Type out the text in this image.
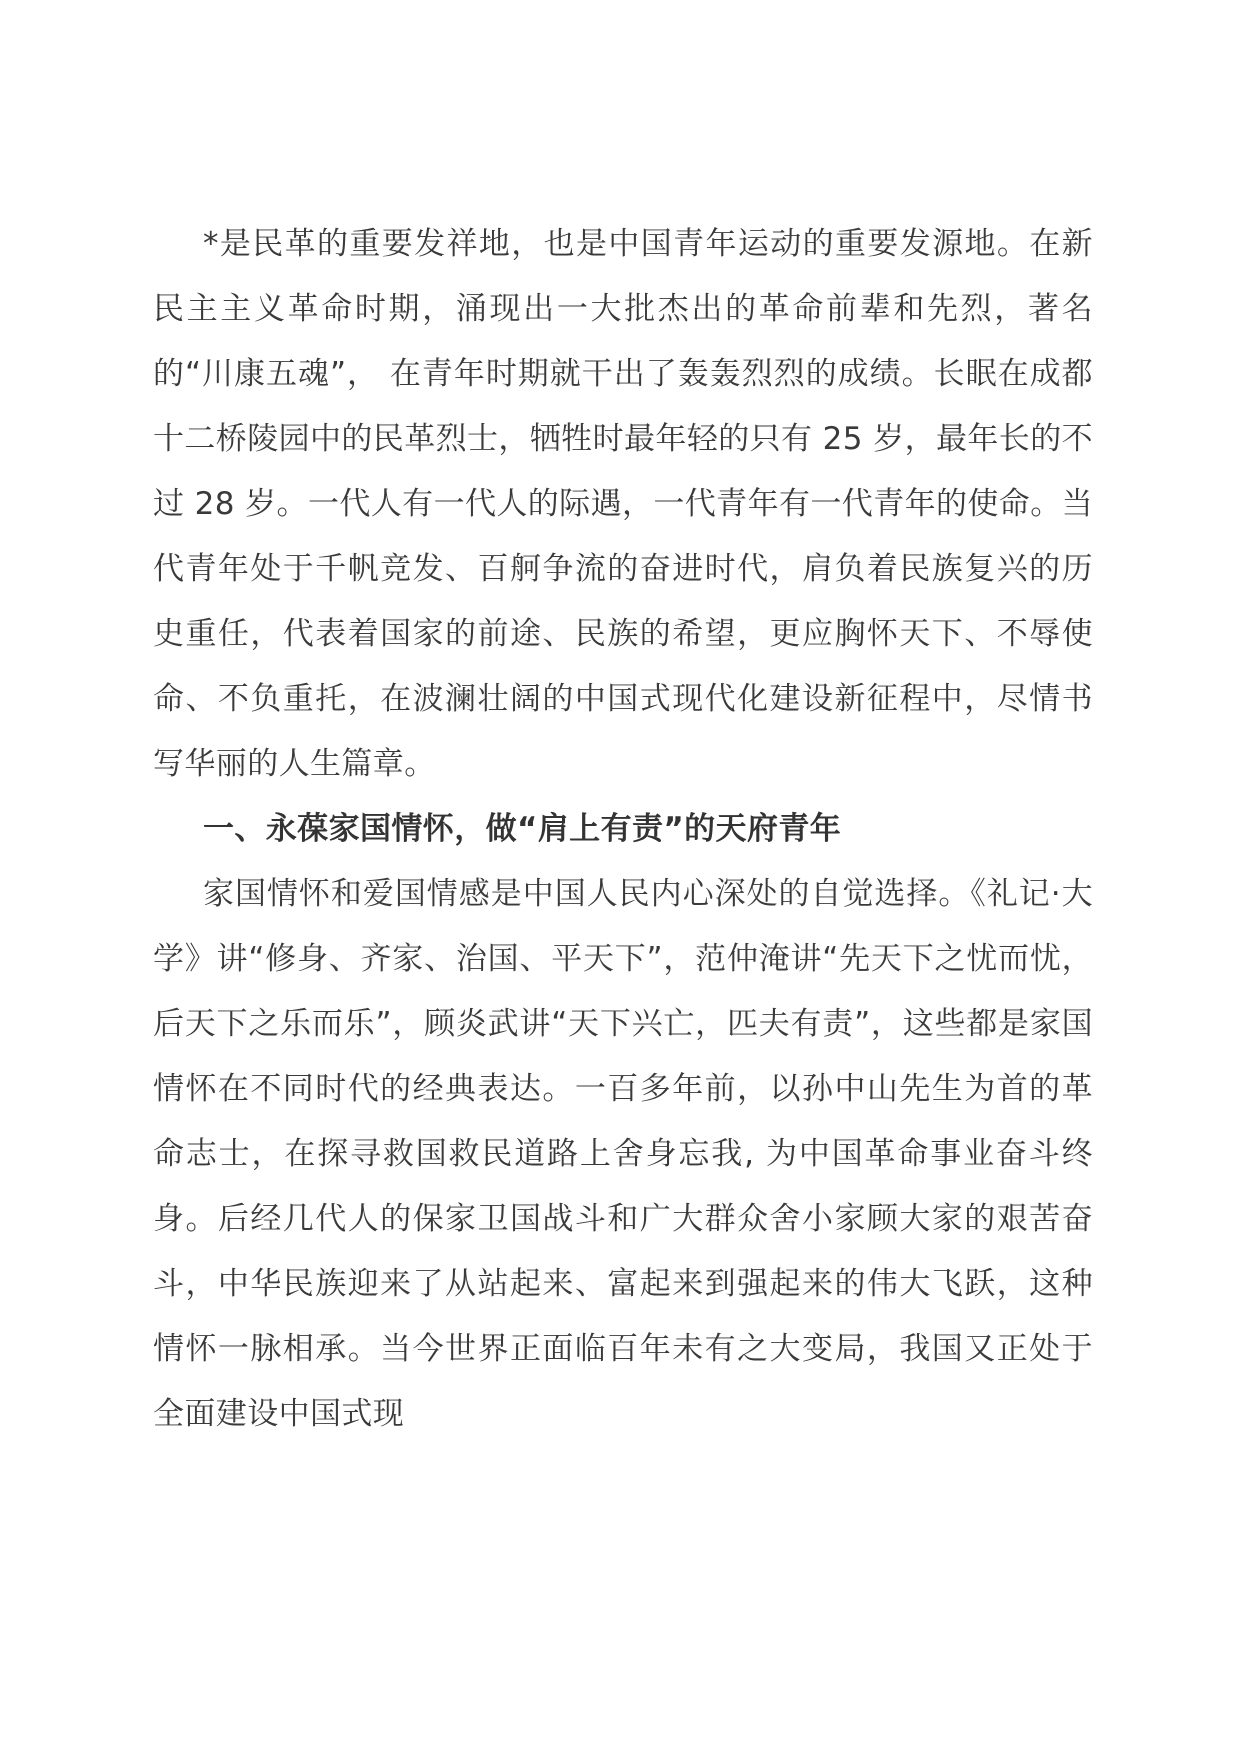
*是民革的重要发祥地，也是中国青年运动的重要发源地。在新民主主义革命时期，涌现出一大批杰出的革命前辈和先烈，著名的“川康五魂”， 在青年时期就干出了轰轰烈烈的成绩。长眠在成都十二桥陵园中的民革烈士，牺牲时最年轻的只有 25 岁，最年长的不过 28 岁。一代人有一代人的际遇，一代青年有一代青年的使命。当代青年处于千帆竞发、百舸争流的奋进时代，肩负着民族复兴的历史重任，代表着国家的前途、民族的希望，更应胸怀天下、不辱使命、不负重托，在波澜壮阔的中国式现代化建设新征程中，尽情书写华丽的人生篇章。

一、永葆家国情怀，做“肩上有责”的天府青年

家国情怀和爱国情感是中国人民内心深处的自觉选择。《礼记·大学》讲“修身、齐家、治国、平天下”，范仲淹讲“先天下之忧而忧，后天下之乐而乐”，顾炎武讲“天下兴亡，匹夫有责”，这些都是家国情怀在不同时代的经典表达。一百多年前，以孙中山先生为首的革命志士，在探寻救国救民道路上舍身忘我, 为中国革命事业奋斗终身。后经几代人的保家卫国战斗和广大群众舍小家顾大家的艰苦奋斗，中华民族迎来了从站起来、富起来到强起来的伟大飞跃，这种情怀一脉相承。当今世界正面临百年未有之大变局，我国又正处于全面建设中国式现
